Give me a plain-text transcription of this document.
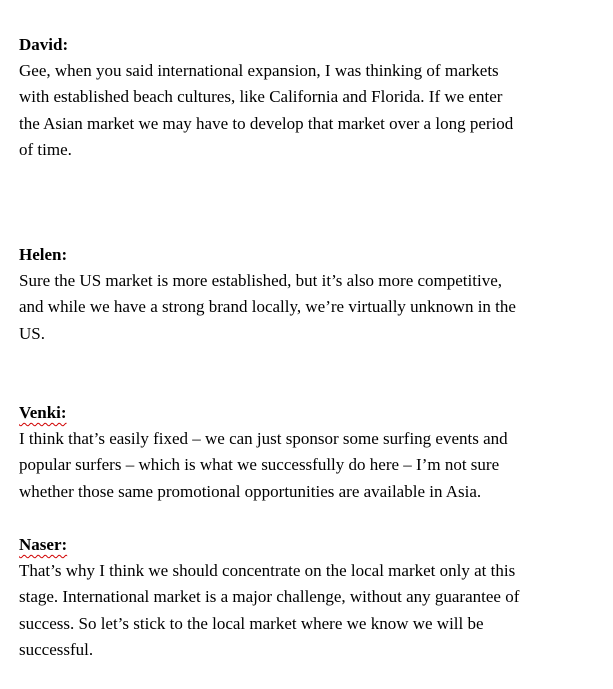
David:
Gee, when you said international expansion, I was thinking of markets
with established beach cultures, like California and Florida. If we enter
the Asian market we may have to develop that market over a long period
of time.
Helen:
Sure the US market is more established, but it’s also more competitive,
and while we have a strong brand locally, we’re virtually unknown in the
US.
Venki:
I think that’s easily fixed – we can just sponsor some surfing events and
popular surfers – which is what we successfully do here – I’m not sure
whether those same promotional opportunities are available in Asia.
Naser:
That’s why I think we should concentrate on the local market only at this
stage. International market is a major challenge, without any guarantee of
success. So let’s stick to the local market where we know we will be
successful.
